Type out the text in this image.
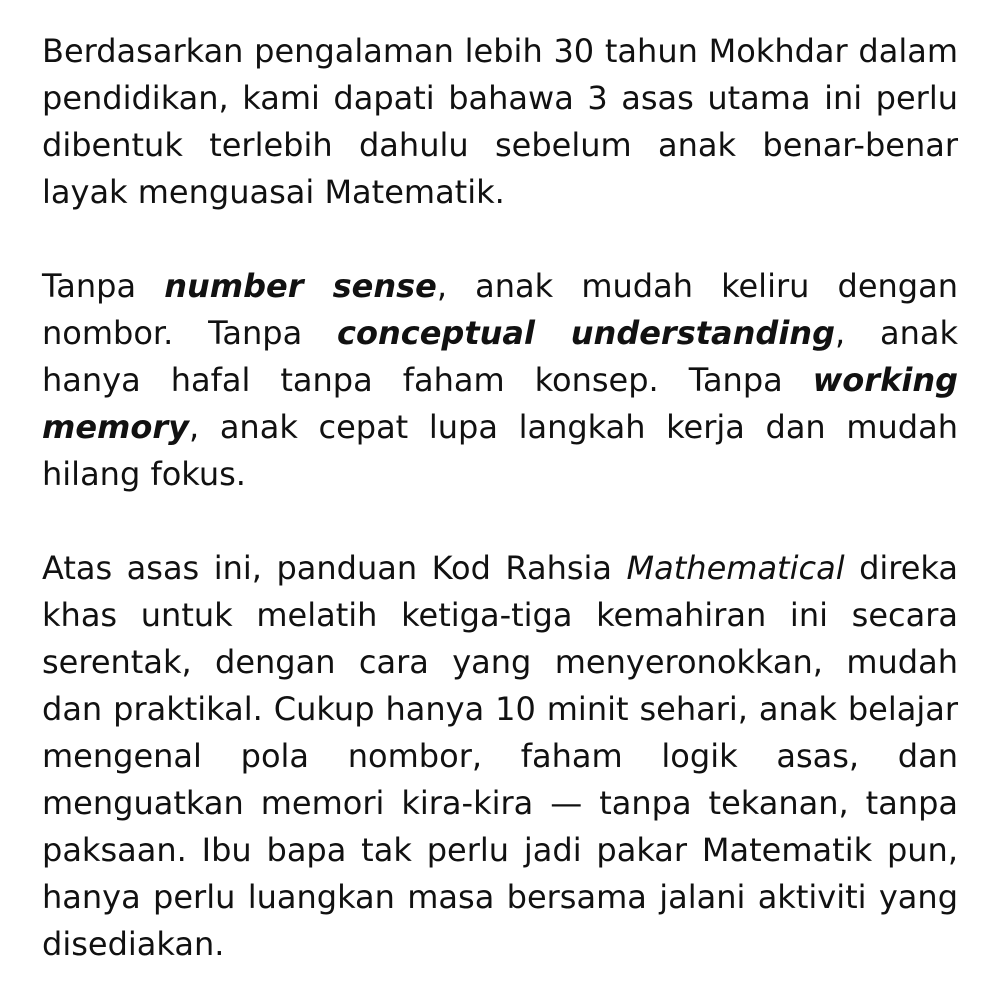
Berdasarkan pengalaman lebih 30 tahun Mokhdar dalam pendidikan, kami dapati bahawa 3 asas utama ini perlu dibentuk terlebih dahulu sebelum anak benar-benar layak menguasai Matematik.

Tanpa number sense, anak mudah keliru dengan nombor. Tanpa conceptual understanding, anak hanya hafal tanpa faham konsep. Tanpa working memory, anak cepat lupa langkah kerja dan mudah hilang fokus.

Atas asas ini, panduan Kod Rahsia Mathematical direka khas untuk melatih ketiga-tiga kemahiran ini secara serentak, dengan cara yang menyeronokkan, mudah dan praktikal. Cukup hanya 10 minit sehari, anak belajar mengenal pola nombor, faham logik asas, dan menguatkan memori kira-kira — tanpa tekanan, tanpa paksaan. Ibu bapa tak perlu jadi pakar Matematik pun, hanya perlu luangkan masa bersama jalani aktiviti yang disediakan.
